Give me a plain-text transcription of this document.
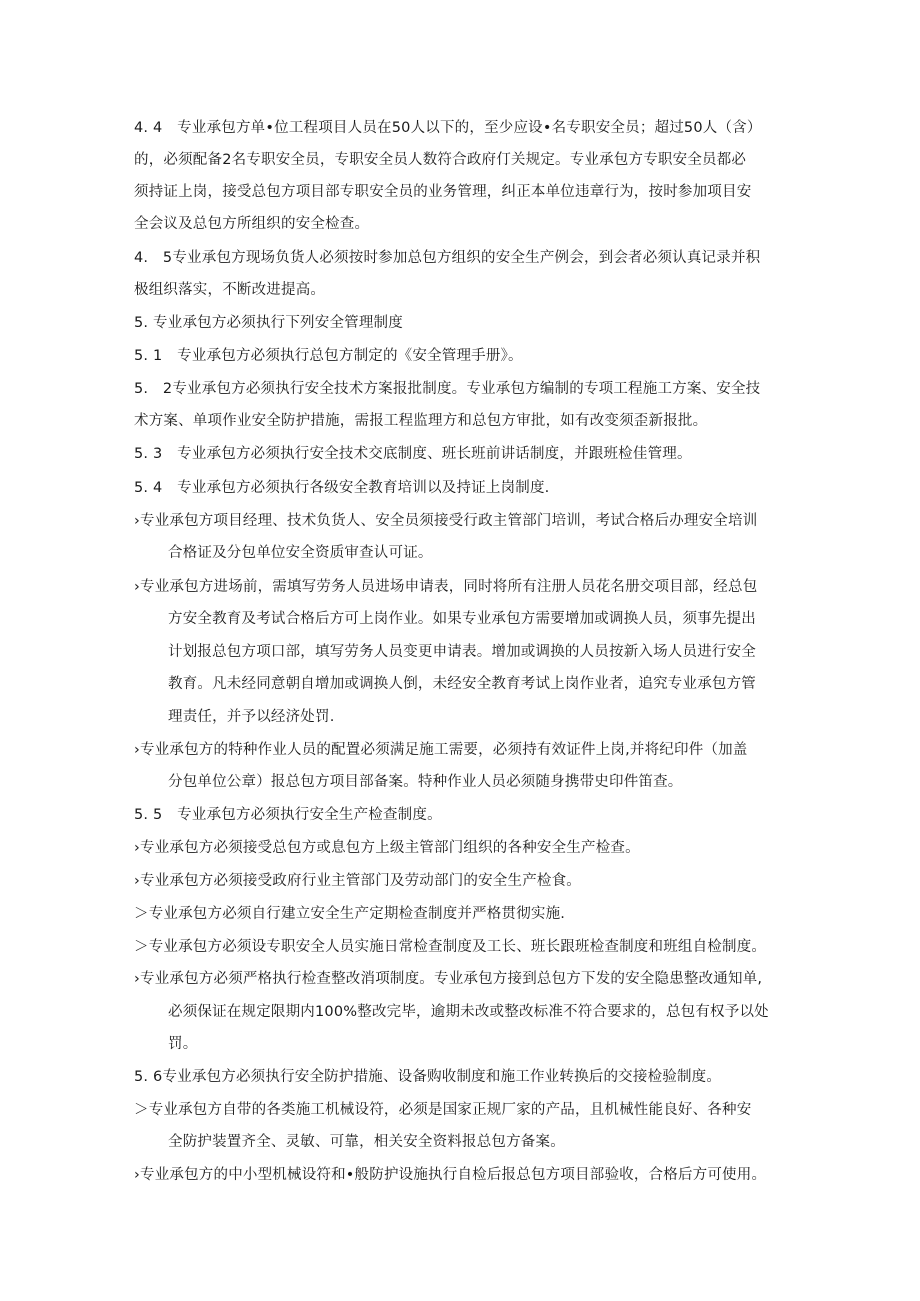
4. 4　专业承包方单•位工程项目人员在50人以下的，至少应设•名专职安全员；超过50人（含）
的，必须配备2名专职安全员，专职安全员人数符合政府仃关规定。专业承包方专职安全员都必
须持证上岗，接受总包方项目部专职安全员的业务管理，纠正本单位违章行为，按时参加项目安
全会议及总包方所组织的安全检查。
4.　5专业承包方现场负货人必须按时参加总包方组织的安全生产例会，到会者必须认真记录并积
极组织落实，不断改进提高。
5. 专业承包方必须执行下列安全管理制度
5. 1　专业承包方必须执行总包方制定的《安全管理手册》。
5.　2专业承包方必须执行安全技术方案报批制度。专业承包方编制的专项工程施工方案、安全技
术方案、单项作业安全防护措施，需报工程监理方和总包方审批，如有改变须歪新报批。
5. 3　专业承包方必须执行安全技术交底制度、班长班前讲话制度，并跟班检佳管理。
5. 4　专业承包方必须执行各级安全教育培训以及持证上岗制度.
›专业承包方项目经理、技术负货人、安全员须接受行政主管部门培训，考试合格后办理安全培训
合格证及分包单位安全资质审查认可证。
›专业承包方进场前，需填写劳务人员进场申请表，同时将所有注册人员花名册交项目部，经总包
方安全教育及考试合格后方可上岗作业。如果专业承包方需要增加或调换人员，须事先提出
计划报总包方项口部，填写劳务人员变更申请表。增加或调换的人员按新入场人员进行安全
教育。凡未经同意朝自增加或调换人倒，未经安全教育考试上岗作业者，追究专业承包方管
理责任，并予以经济处罚.
›专业承包方的特种作业人员的配置必须满足施工需要，必须持有效证件上岗,并将纪印件（加盖
分包单位公章）报总包方项目部备案。特种作业人员必须随身携带史印件笛查。
5. 5　专业承包方必须执行安全生产检查制度。
›专业承包方必须接受总包方或息包方上级主管部门组织的各种安全生产检查。
›专业承包方必须接受政府行业主管部门及劳动部门的安全生产检食。
＞专业承包方必须自行建立安全生产定期检查制度并严格贯彻实施.
＞专业承包方必须设专职安全人员实施日常检查制度及工长、班长跟班检查制度和班组自检制度。
›专业承包方必须严格执行检查整改消项制度。专业承包方接到总包方下发的安全隐患整改通知单,
必须保证在规定限期内100%整改完毕，逾期未改或整改标准不符合要求的，总包有权予以处
罚。
5. 6专业承包方必须执行安全防护措施、设备购收制度和施工作业转换后的交接检验制度。
＞专业承包方自带的各类施工机械设符，必须是国家正规厂家的产品，且机械性能良好、各种安
全防护装置齐全、灵敏、可靠，相关安全资料报总包方备案。
›专业承包方的中小型机械设符和•般防护设施执行自检后报总包方项目部验收，合格后方可使用。
